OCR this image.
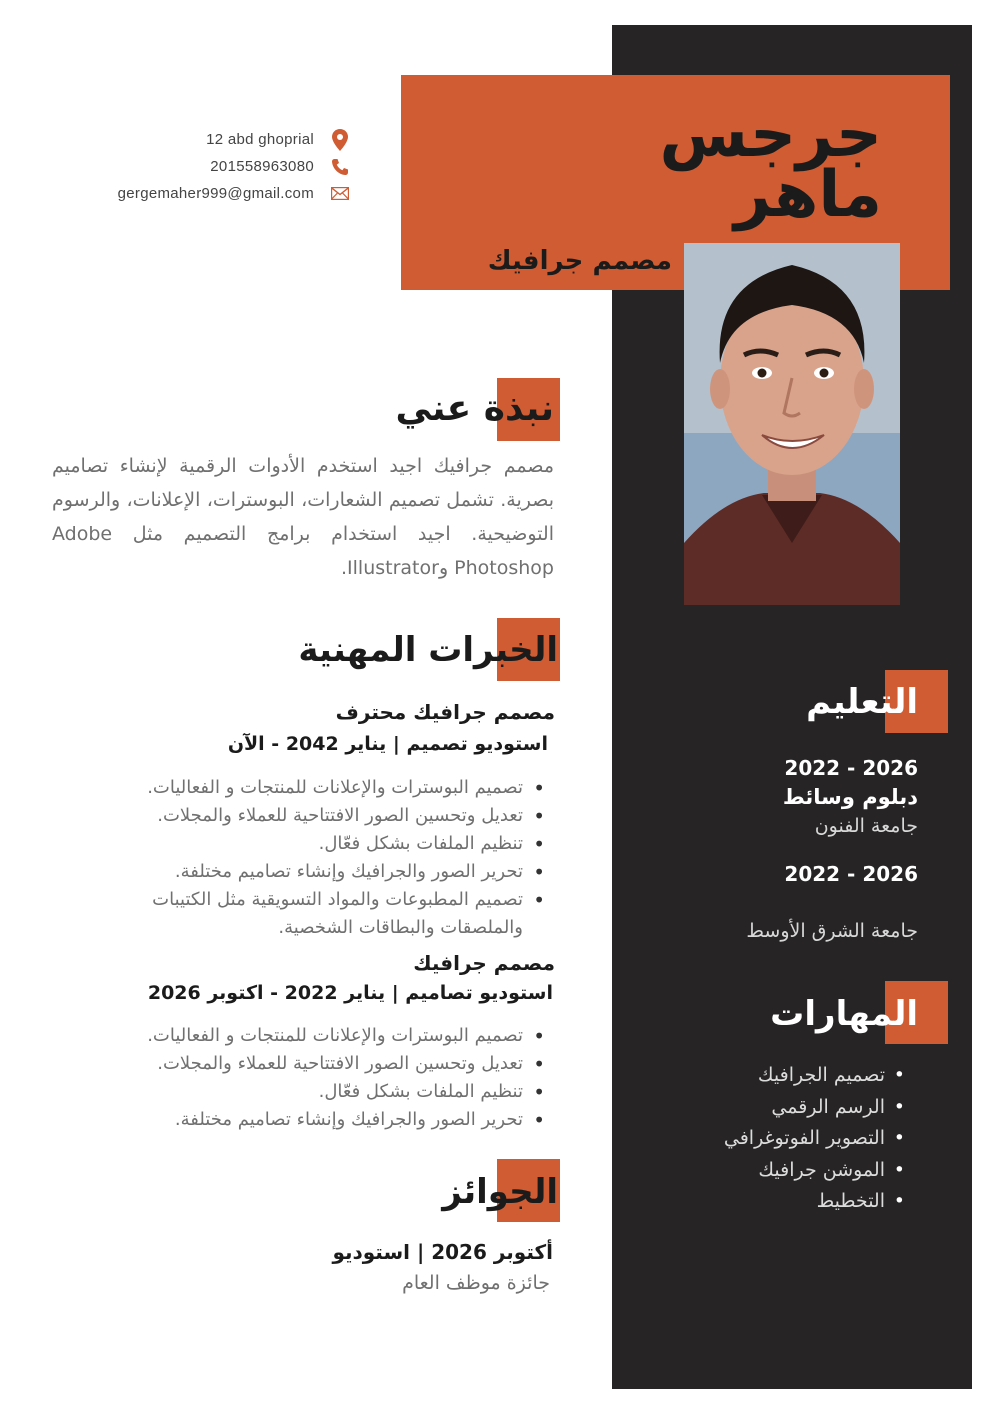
جرجس ماهر
مصمم جرافيك
12 abd ghoprial
201558963080
gergemaher999@gmail.com
نبذة عني
مصمم جرافيك اجيد استخدم الأدوات الرقمية لإنشاء تصاميم بصرية. تشمل تصميم الشعارات، البوسترات، الإعلانات، والرسوم التوضيحية. اجيد استخدام برامج التصميم مثل Adobe Photoshop وIllustrator.
الخبرات المهنية
مصمم جرافيك محترف
استوديو تصميم | يناير 2042 - الآن
• تصميم البوسترات والإعلانات للمنتجات و الفعاليات.
• تعديل وتحسين الصور الافتتاحية للعملاء والمجلات.
• تنظيم الملفات بشكل فعّال.
• تحرير الصور والجرافيك وإنشاء تصاميم مختلفة.
• تصميم المطبوعات والمواد التسويقية مثل الكتيبات والملصقات والبطاقات الشخصية.
مصمم جرافيك
استوديو تصاميم | يناير 2022 - اكتوبر 2026
• تصميم البوسترات والإعلانات للمنتجات و الفعاليات.
• تعديل وتحسين الصور الافتتاحية للعملاء والمجلات.
• تنظيم الملفات بشكل فعّال.
• تحرير الصور والجرافيك وإنشاء تصاميم مختلفة.
الجوائز
أكتوبر 2026 | استوديو
جائزة موظف العام
التعليم
2026 - 2022
دبلوم وسائط
جامعة الفنون
2026 - 2022
جامعة الشرق الأوسط
المهارات
• تصميم الجرافيك
• الرسم الرقمي
• التصوير الفوتوغرافي
• الموشن جرافيك
• التخطيط
